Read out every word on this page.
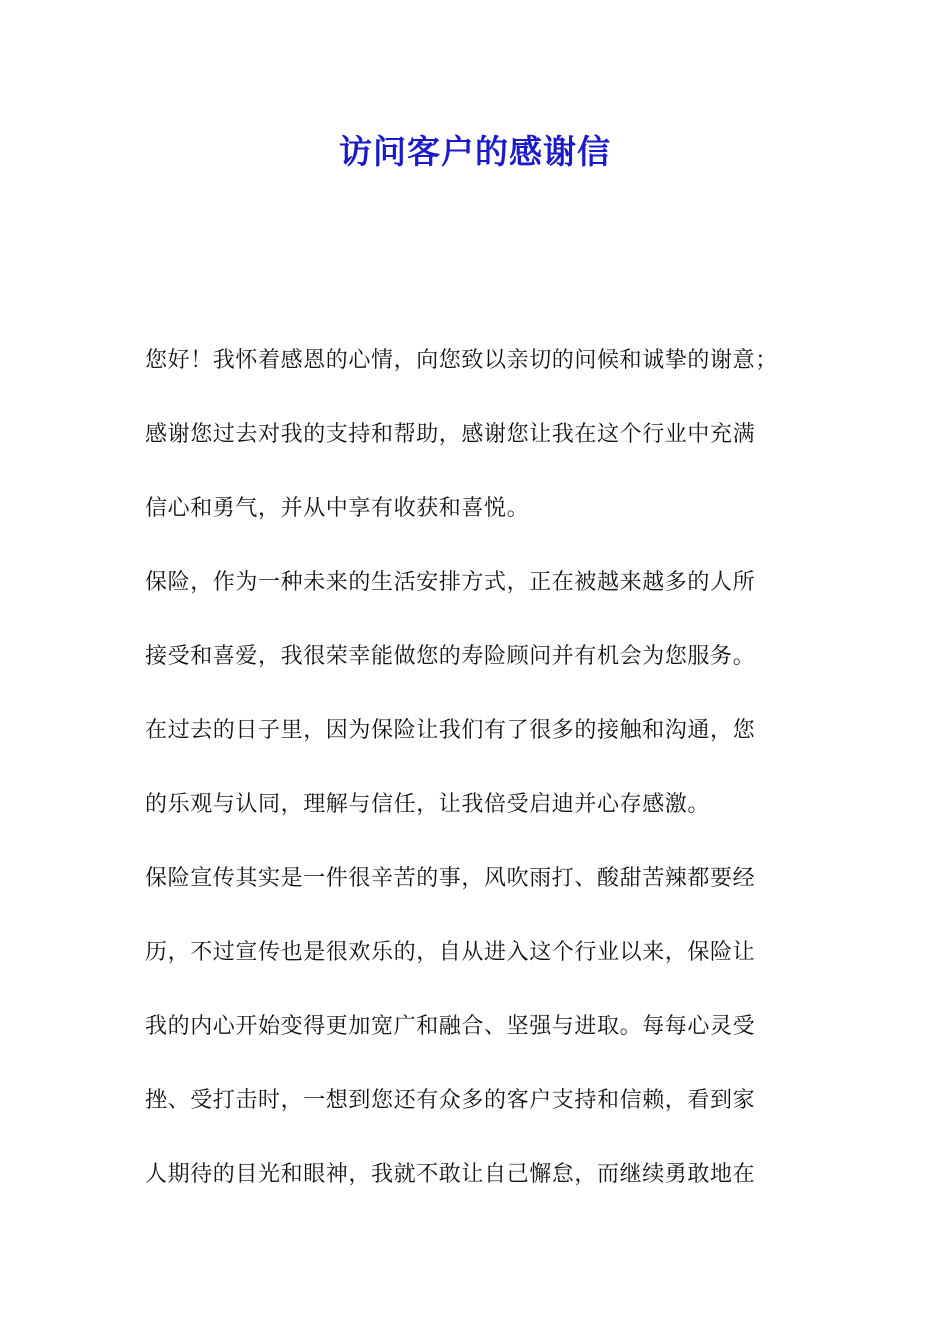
访问客户的感谢信
您好！我怀着感恩的心情，向您致以亲切的问候和诚挚的谢意；
感谢您过去对我的支持和帮助，感谢您让我在这个行业中充满
信心和勇气，并从中享有收获和喜悦。
保险，作为一种未来的生活安排方式，正在被越来越多的人所
接受和喜爱，我很荣幸能做您的寿险顾问并有机会为您服务。
在过去的日子里，因为保险让我们有了很多的接触和沟通，您
的乐观与认同，理解与信任，让我倍受启迪并心存感激。
保险宣传其实是一件很辛苦的事，风吹雨打、酸甜苦辣都要经
历，不过宣传也是很欢乐的，自从进入这个行业以来，保险让
我的内心开始变得更加宽广和融合、坚强与进取。每每心灵受
挫、受打击时，一想到您还有众多的客户支持和信赖，看到家
人期待的目光和眼神，我就不敢让自己懈怠，而继续勇敢地在
